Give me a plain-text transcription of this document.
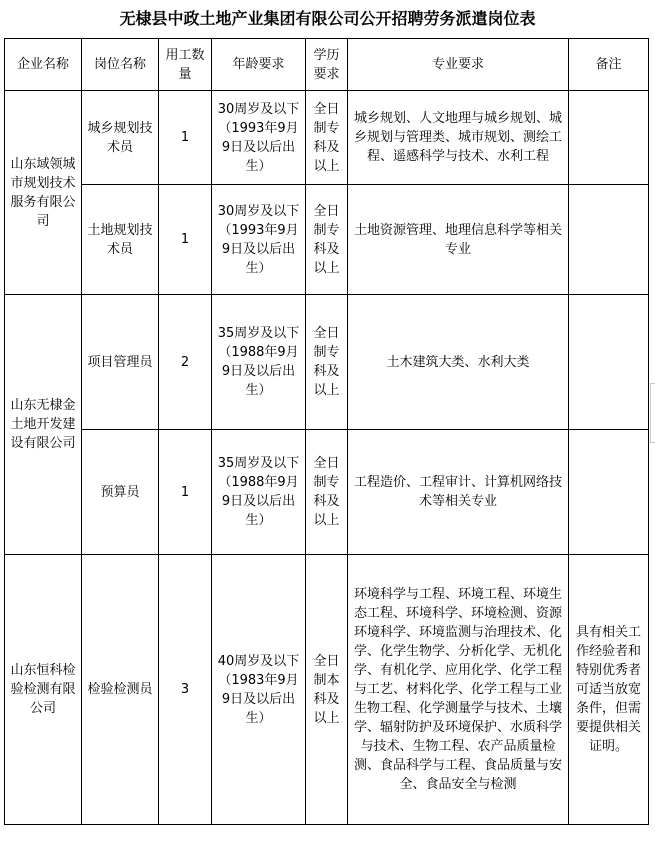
无棣县中政土地产业集团有限公司公开招聘劳务派遣岗位表
企业名称	岗位名称	用工数量	年龄要求	学历要求	专业要求	备注
山东域领城市规划技术服务有限公司	城乡规划技术员	1	30周岁及以下（1993年9月9日及以后出生）	全日制专科及以上	城乡规划、人文地理与城乡规划、城乡规划与管理类、城市规划、测绘工程、遥感科学与技术、水利工程	
	土地规划技术员	1	30周岁及以下（1993年9月9日及以后出生）	全日制专科及以上	土地资源管理、地理信息科学等相关专业	
山东无棣金土地开发建设有限公司	项目管理员	2	35周岁及以下（1988年9月9日及以后出生）	全日制专科及以上	土木建筑大类、水利大类	
	预算员	1	35周岁及以下（1988年9月9日及以后出生）	全日制专科及以上	工程造价、工程审计、计算机网络技术等相关专业	
山东恒科检验检测有限公司	检验检测员	3	40周岁及以下（1983年9月9日及以后出生）	全日制本科及以上	环境科学与工程、环境工程、环境生态工程、环境科学、环境检测、资源环境科学、环境监测与治理技术、化学、化学生物学、分析化学、无机化学、有机化学、应用化学、化学工程与工艺、材料化学、化学工程与工业生物工程、化学测量学与技术、土壤学、辐射防护及环境保护、水质科学与技术、生物工程、农产品质量检测、食品科学与工程、食品质量与安全、食品安全与检测	具有相关工作经验者和特别优秀者可适当放宽条件，但需要提供相关证明。
